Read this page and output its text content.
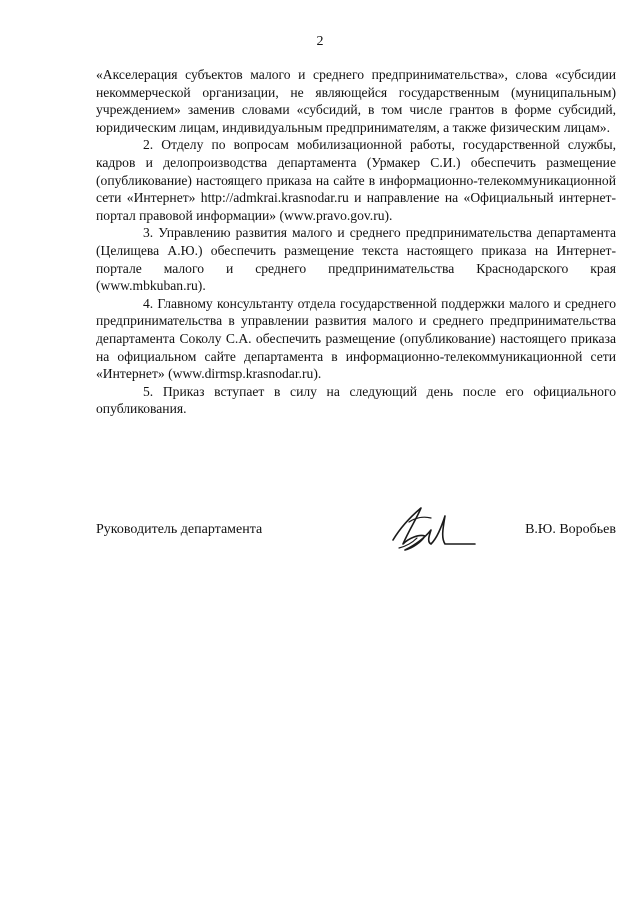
2

«Акселерация субъектов малого и среднего предпринимательства», слова «субсидии некоммерческой организации, не являющейся государственным (муниципальным) учреждением» заменив словами «субсидий, в том числе грантов в форме субсидий, юридическим лицам, индивидуальным предпринимателям, а также физическим лицам».

2. Отделу по вопросам мобилизационной работы, государственной службы, кадров и делопроизводства департамента (Урмакер С.И.) обеспечить размещение (опубликование) настоящего приказа на сайте в информационно-телекоммуникационной сети «Интернет» http://admkrai.krasnodar.ru и направление на «Официальный интернет-портал правовой информации» (www.pravo.gov.ru).

3. Управлению развития малого и среднего предпринимательства департамента (Целищева А.Ю.) обеспечить размещение текста настоящего приказа на Интернет-портале малого и среднего предпринимательства Краснодарского края (www.mbkuban.ru).

4. Главному консультанту отдела государственной поддержки малого и среднего предпринимательства в управлении развития малого и среднего предпринимательства департамента Соколу С.А. обеспечить размещение (опубликование) настоящего приказа на официальном сайте департамента в информационно-телекоммуникационной сети «Интернет» (www.dirmsp.krasnodar.ru).

5. Приказ вступает в силу на следующий день после его официального опубликования.

Руководитель департамента	В.Ю. Воробьев
